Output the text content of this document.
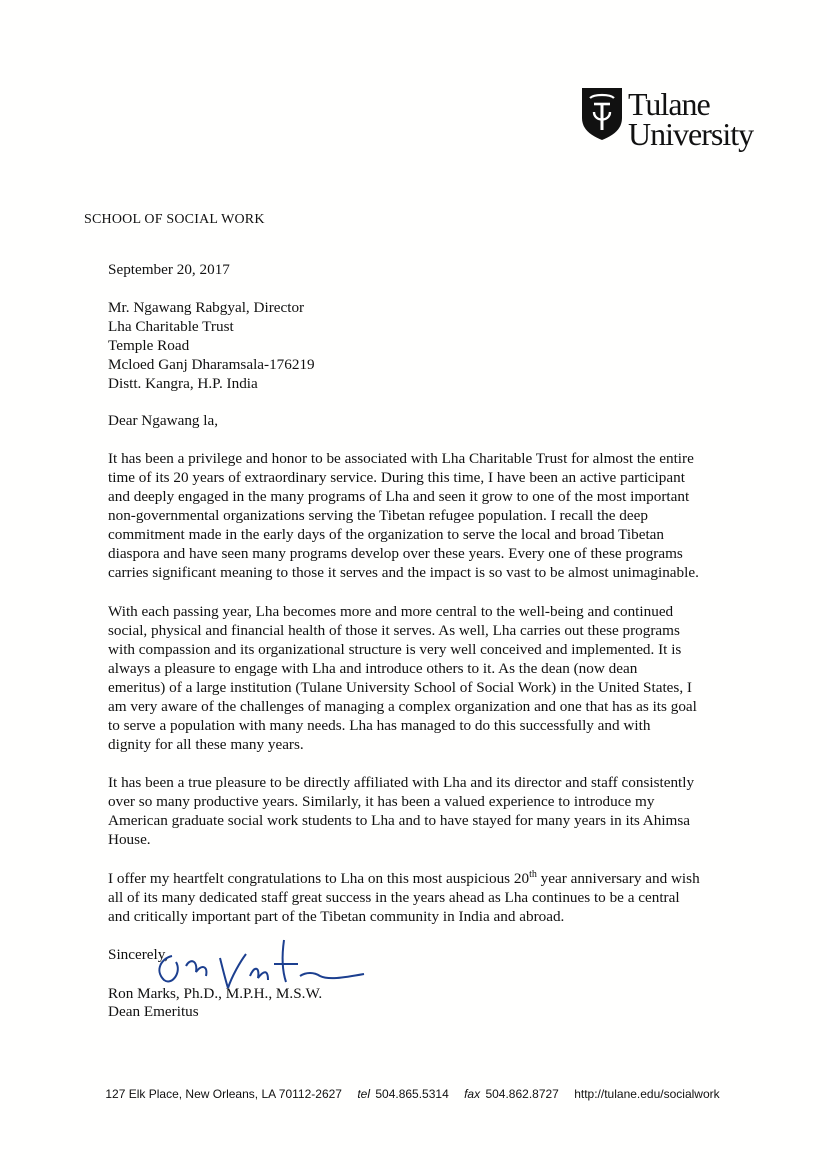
Tulane
University
SCHOOL OF SOCIAL WORK
September 20, 2017
Mr. Ngawang Rabgyal, Director
Lha Charitable Trust
Temple Road
Mcloed Ganj Dharamsala-176219
Distt. Kangra, H.P. India
Dear Ngawang la,
It has been a privilege and honor to be associated with Lha Charitable Trust for almost the entire
time of its 20 years of extraordinary service. During this time, I have been an active participant
and deeply engaged in the many programs of Lha and seen it grow to one of the most important
non-governmental organizations serving the Tibetan refugee population. I recall the deep
commitment made in the early days of the organization to serve the local and broad Tibetan
diaspora and have seen many programs develop over these years. Every one of these programs
carries significant meaning to those it serves and the impact is so vast to be almost unimaginable.
With each passing year, Lha becomes more and more central to the well-being and continued
social, physical and financial health of those it serves. As well, Lha carries out these programs
with compassion and its organizational structure is very well conceived and implemented. It is
always a pleasure to engage with Lha and introduce others to it. As the dean (now dean
emeritus) of a large institution (Tulane University School of Social Work) in the United States, I
am very aware of the challenges of managing a complex organization and one that has as its goal
to serve a population with many needs. Lha has managed to do this successfully and with
dignity for all these many years.
It has been a true pleasure to be directly affiliated with Lha and its director and staff consistently
over so many productive years. Similarly, it has been a valued experience to introduce my
American graduate social work students to Lha and to have stayed for many years in its Ahimsa
House.
I offer my heartfelt congratulations to Lha on this most auspicious 20th year anniversary and wish
all of its many dedicated staff great success in the years ahead as Lha continues to be a central
and critically important part of the Tibetan community in India and abroad.
Sincerely,
Ron Marks, Ph.D., M.P.H., M.S.W.
Dean Emeritus
127 Elk Place, New Orleans, LA 70112-2627 tel 504.865.5314 fax 504.862.8727 http://tulane.edu/socialwork
